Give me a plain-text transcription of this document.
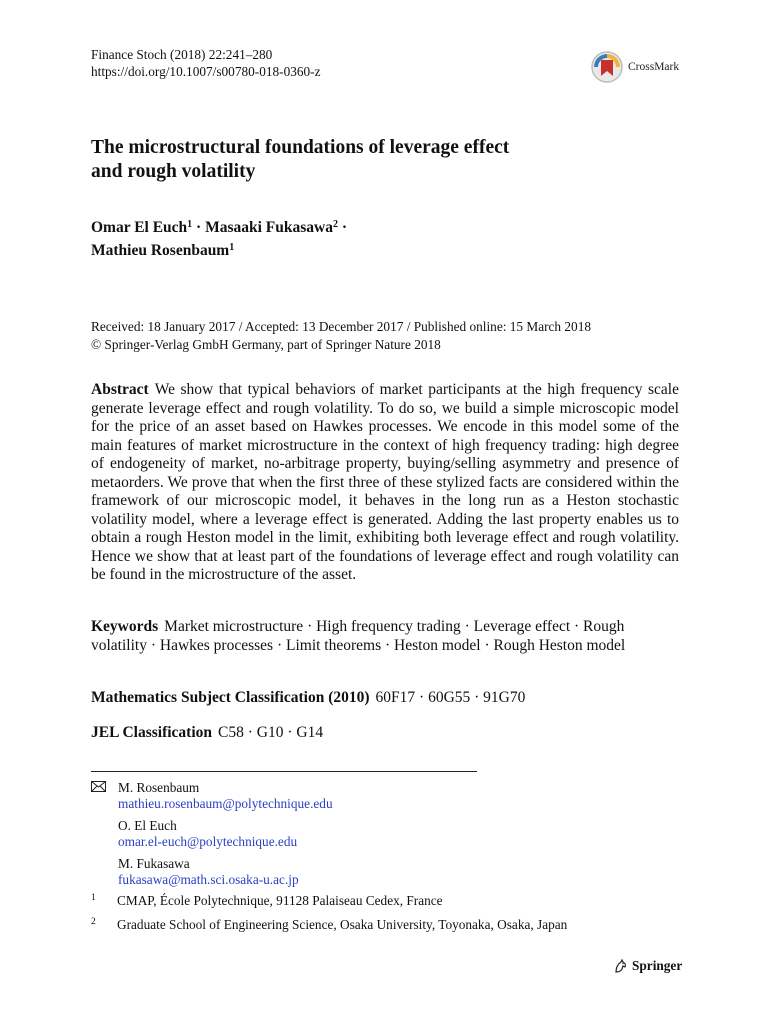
Finance Stoch (2018) 22:241–280
https://doi.org/10.1007/s00780-018-0360-z	CrossMark
The microstructural foundations of leverage effect
and rough volatility
Omar El Euch$^1$ · Masaaki Fukasawa$^2$ ·
Mathieu Rosenbaum$^1$
Received: 18 January 2017 / Accepted: 13 December 2017 / Published online: 15 March 2018
© Springer-Verlag GmbH Germany, part of Springer Nature 2018
Abstract We show that typical behaviors of market participants at the high frequency scale generate leverage effect and rough volatility. To do so, we build a simple microscopic model for the price of an asset based on Hawkes processes. We encode in this model some of the main features of market microstructure in the context of high frequency trading: high degree of endogeneity of market, no-arbitrage property, buying/selling asymmetry and presence of metaorders. We prove that when the first three of these stylized facts are considered within the framework of our microscopic model, it behaves in the long run as a Heston stochastic volatility model, where a leverage effect is generated. Adding the last property enables us to obtain a rough Heston model in the limit, exhibiting both leverage effect and rough volatility. Hence we show that at least part of the foundations of leverage effect and rough volatility can be found in the microstructure of the asset.
Keywords Market microstructure · High frequency trading · Leverage effect · Rough volatility · Hawkes processes · Limit theorems · Heston model · Rough Heston model
Mathematics Subject Classification (2010) 60F17 · 60G55 · 91G70
JEL Classification C58 · G10 · G14
M. Rosenbaum
mathieu.rosenbaum@polytechnique.edu
O. El Euch
omar.el-euch@polytechnique.edu
M. Fukasawa
fukasawa@math.sci.osaka-u.ac.jp
1	CMAP, École Polytechnique, 91128 Palaiseau Cedex, France
2	Graduate School of Engineering Science, Osaka University, Toyonaka, Osaka, Japan
Springer
